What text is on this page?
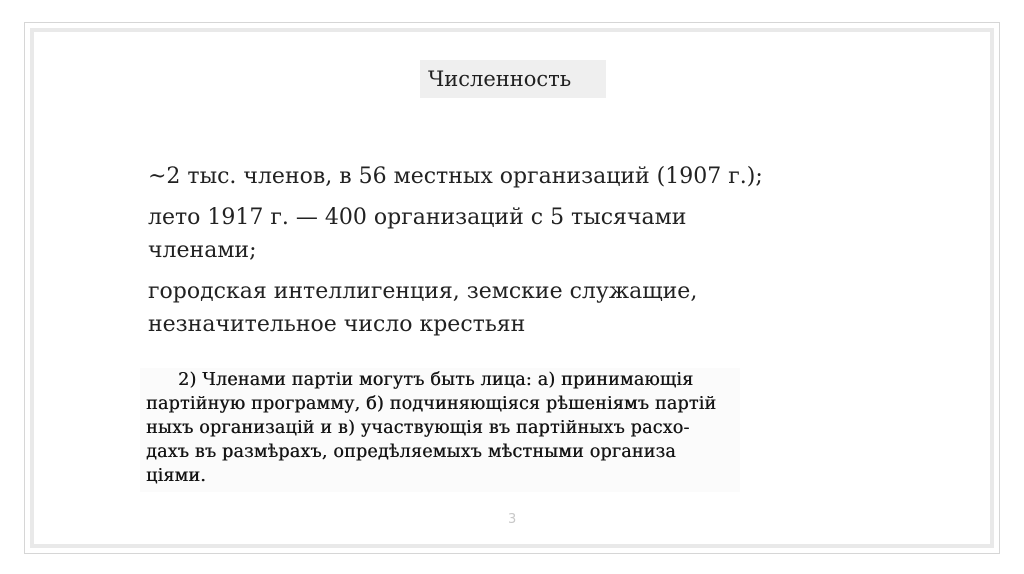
Численность
~2 тыс. членов, в 56 местных организаций (1907 г.);
лето 1917 г. — 400 организаций с 5 тысячами
членами;
городская интеллигенция, земские служащие,
незначительное число крестьян
2) Членами партіи могутъ быть лица: а) принимающія
партійную программу, б) подчиняющіяся рѣшеніямъ партій
ныхъ организацій и в) участвующія въ партійныхъ расхо-
дахъ въ размѣрахъ, опредѣляемыхъ мѣстными организа
ціями.
3
